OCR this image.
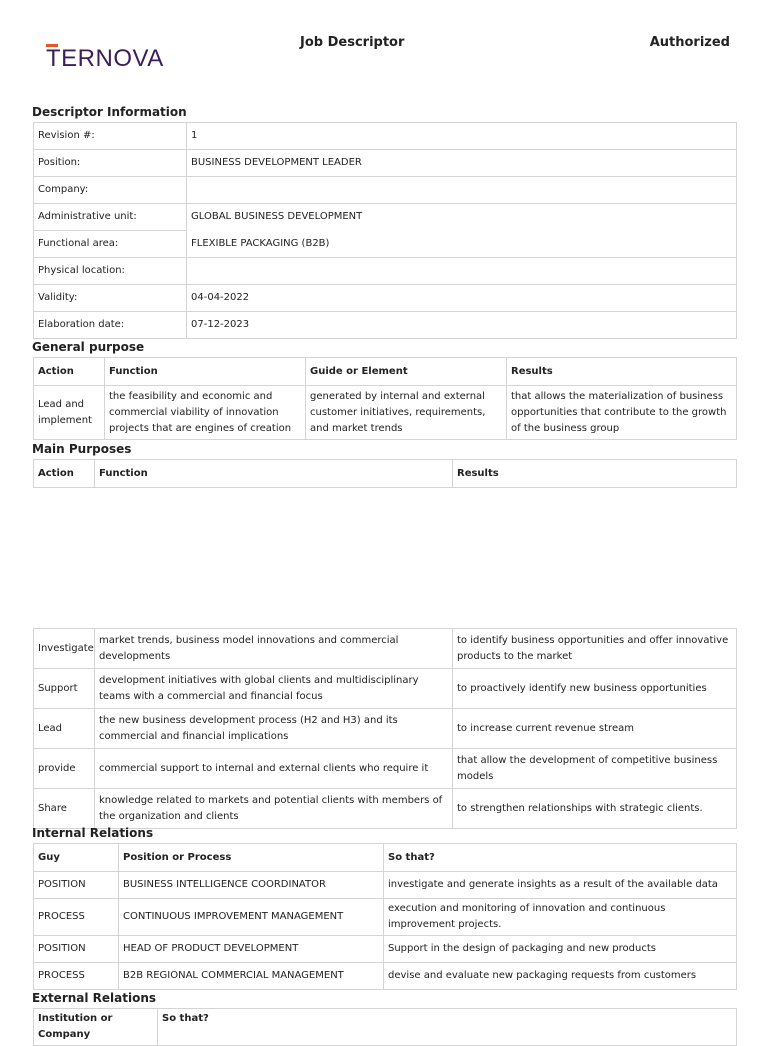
TERNOVA
Job Descriptor	Authorized
Descriptor Information
Revision #:	1
Position:	BUSINESS DEVELOPMENT LEADER
Company:	
Administrative unit:	GLOBAL BUSINESS DEVELOPMENT
Functional area:	FLEXIBLE PACKAGING (B2B)
Physical location:	
Validity:	04-04-2022
Elaboration date:	07-12-2023
General purpose
Action	Function	Guide or Element	Results
Lead and implement	the feasibility and economic and commercial viability of innovation projects that are engines of creation	generated by internal and external customer initiatives, requirements, and market trends	that allows the materialization of business opportunities that contribute to the growth of the business group
Main Purposes
Action	Function	Results
Investigate	market trends, business model innovations and commercial developments	to identify business opportunities and offer innovative products to the market
Support	development initiatives with global clients and multidisciplinary teams with a commercial and financial focus	to proactively identify new business opportunities
Lead	the new business development process (H2 and H3) and its commercial and financial implications	to increase current revenue stream
provide	commercial support to internal and external clients who require it	that allow the development of competitive business models
Share	knowledge related to markets and potential clients with members of the organization and clients	to strengthen relationships with strategic clients.
Internal Relations
Guy	Position or Process	So that?
POSITION	BUSINESS INTELLIGENCE COORDINATOR	investigate and generate insights as a result of the available data
PROCESS	CONTINUOUS IMPROVEMENT MANAGEMENT	execution and monitoring of innovation and continuous improvement projects.
POSITION	HEAD OF PRODUCT DEVELOPMENT	Support in the design of packaging and new products
PROCESS	B2B REGIONAL COMMERCIAL MANAGEMENT	devise and evaluate new packaging requests from customers
External Relations
Institution or Company	So that?
